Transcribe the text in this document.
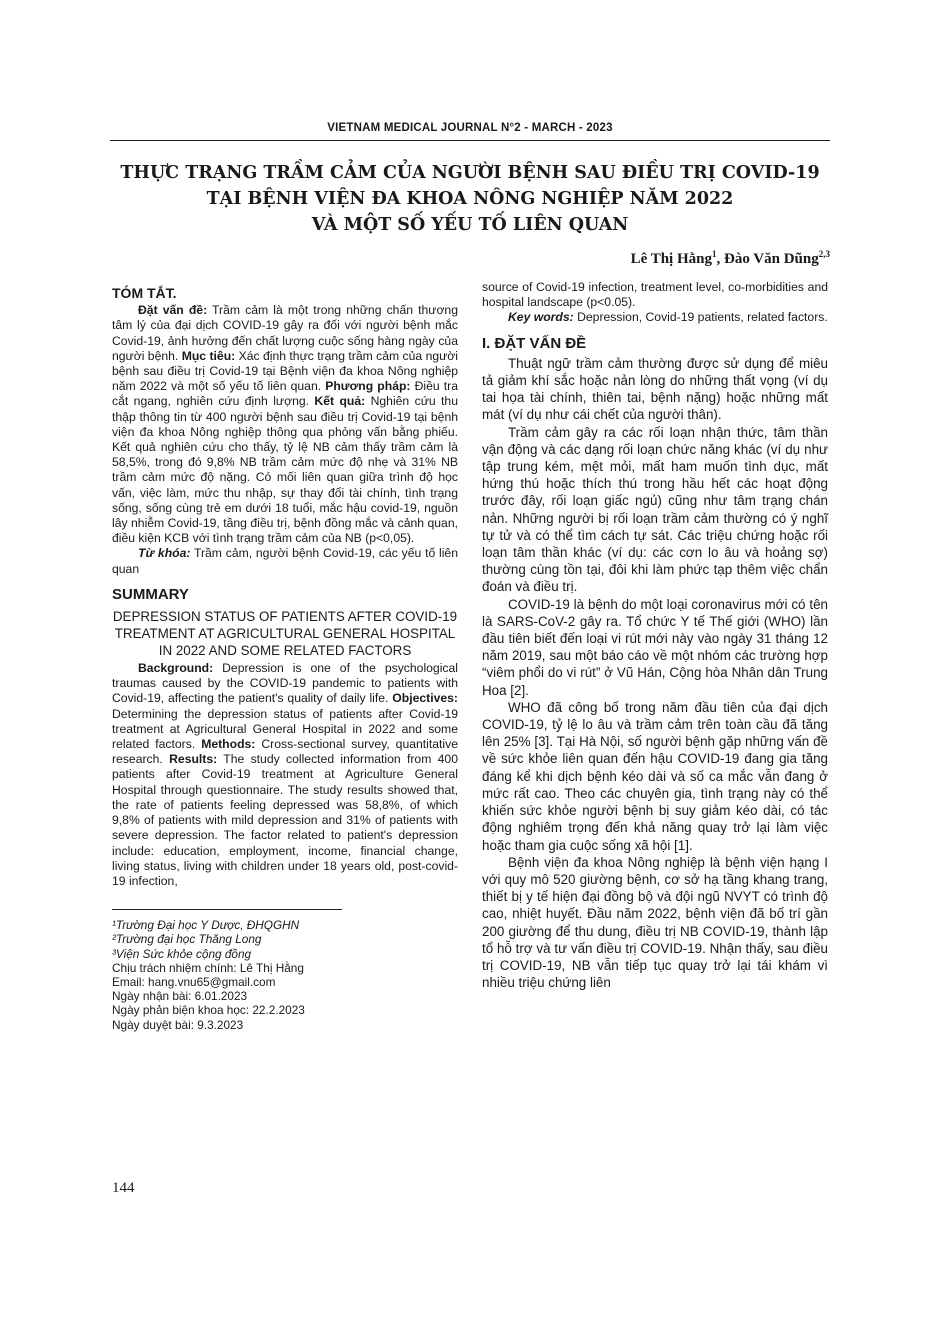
VIETNAM MEDICAL JOURNAL N°2 - MARCH - 2023
THỰC TRẠNG TRẦM CẢM CỦA NGƯỜI BỆNH SAU ĐIỀU TRỊ COVID-19
TẠI BỆNH VIỆN ĐA KHOA NÔNG NGHIỆP NĂM 2022
VÀ MỘT SỐ YẾU TỐ LIÊN QUAN
Lê Thị Hằng$^1$, Đào Văn Dũng$^{2,3}$
TÓM TẮT.

Đặt vấn đề: Trầm cảm là một trong những chấn thương tâm lý của đại dịch COVID-19 gây ra đối với người bệnh mắc Covid-19, ảnh hưởng đến chất lượng cuộc sống hàng ngày của người bệnh. Mục tiêu: Xác định thực trạng trầm cảm của người bệnh sau điều trị Covid-19 tại Bệnh viện đa khoa Nông nghiệp năm 2022 và một số yếu tố liên quan. Phương pháp: Điều tra cắt ngang, nghiên cứu định lượng. Kết quả: Nghiên cứu thu thập thông tin từ 400 người bệnh sau điều trị Covid-19 tại bệnh viện đa khoa Nông nghiệp thông qua phỏng vấn bằng phiếu. Kết quả nghiên cứu cho thấy, tỷ lệ NB cảm thấy trầm cảm là 58,5%, trong đó 9,8% NB trầm cảm mức độ nhẹ và 31% NB trầm cảm mức độ nặng. Có mối liên quan giữa trình độ học vấn, việc làm, mức thu nhập, sự thay đổi tài chính, tình trạng sống, sống cùng trẻ em dưới 18 tuổi, mắc hậu covid-19, nguồn lây nhiễm Covid-19, tầng điều trị, bệnh đồng mắc và cảnh quan, điều kiện KCB với tình trạng trầm cảm của NB (p<0,05).

Từ khóa: Trầm cảm, người bệnh Covid-19, các yếu tố liên quan

SUMMARY
DEPRESSION STATUS OF PATIENTS AFTER COVID-19 TREATMENT AT AGRICULTURAL GENERAL HOSPITAL IN 2022 AND SOME RELATED FACTORS

Background: Depression is one of the psychological traumas caused by the COVID-19 pandemic to patients with Covid-19, affecting the patient's quality of daily life. Objectives: Determining the depression status of patients after Covid-19 treatment at Agricultural General Hospital in 2022 and some related factors. Methods: Cross-sectional survey, quantitative research. Results: The study collected information from 400 patients after Covid-19 treatment at Agriculture General Hospital through questionnaire. The study results showed that, the rate of patients feeling depressed was 58,8%, of which 9,8% of patients with mild depression and 31% of patients with severe depression. The factor related to patient's depression include: education, employment, income, financial change, living status, living with children under 18 years old, post-covid-19 infection,

¹Trường Đại học Y Dược, ĐHQGHN

²Trường đại học Thăng Long

³Viện Sức khỏe cộng đồng

Chịu trách nhiệm chính: Lê Thị Hằng

Email: hang.vnu65@gmail.com

Ngày nhận bài: 6.01.2023

Ngày phản biện khoa học: 22.2.2023

Ngày duyệt bài: 9.3.2023

source of Covid-19 infection, treatment level, co-morbidities and hospital landscape (p<0.05).

Key words: Depression, Covid-19 patients, related factors.

I. ĐẶT VẤN ĐỀ

Thuật ngữ trầm cảm thường được sử dụng để miêu tả giảm khí sắc hoặc nản lòng do những thất vọng (ví dụ tai họa tài chính, thiên tai, bệnh nặng) hoặc những mất mát (ví dụ như cái chết của người thân).

Trầm cảm gây ra các rối loạn nhận thức, tâm thần vận động và các dạng rối loạn chức năng khác (ví dụ như tập trung kém, mệt mỏi, mất ham muốn tình dục, mất hứng thú hoặc thích thú trong hầu hết các hoạt động trước đây, rối loạn giấc ngủ) cũng như tâm trạng chán nản. Những người bị rối loạn trầm cảm thường có ý nghĩ tự tử và có thể tìm cách tự sát. Các triệu chứng hoặc rối loạn tâm thần khác (ví dụ: các cơn lo âu và hoảng sợ) thường cùng tồn tại, đôi khi làm phức tạp thêm việc chẩn đoán và điều trị.

COVID-19 là bệnh do một loại coronavirus mới có tên là SARS-CoV-2 gây ra. Tổ chức Y tế Thế giới (WHO) lần đầu tiên biết đến loại vi rút mới này vào ngày 31 tháng 12 năm 2019, sau một báo cáo về một nhóm các trường hợp “viêm phổi do vi rút” ở Vũ Hán, Cộng hòa Nhân dân Trung Hoa [2].

WHO đã công bố trong năm đầu tiên của đại dịch COVID-19, tỷ lệ lo âu và trầm cảm trên toàn cầu đã tăng lên 25% [3]. Tại Hà Nội, số người bệnh gặp những vấn đề về sức khỏe liên quan đến hậu COVID-19 đang gia tăng đáng kể khi dịch bệnh kéo dài và số ca mắc vẫn đang ở mức rất cao. Theo các chuyên gia, tình trạng này có thể khiến sức khỏe người bệnh bị suy giảm kéo dài, có tác động nghiêm trọng đến khả năng quay trở lại làm việc hoặc tham gia cuộc sống xã hội [1].

Bệnh viện đa khoa Nông nghiệp là bệnh viện hạng I với quy mô 520 giường bệnh, cơ sở hạ tầng khang trang, thiết bị y tế hiện đại đồng bộ và đội ngũ NVYT có trình độ cao, nhiệt huyết. Đầu năm 2022, bệnh viện đã bố trí gần 200 giường để thu dung, điều trị NB COVID-19, thành lập tổ hỗ trợ và tư vấn điều trị COVID-19. Nhận thấy, sau điều trị COVID-19, NB vẫn tiếp tục quay trở lại tái khám vì nhiều triệu chứng liên

144
